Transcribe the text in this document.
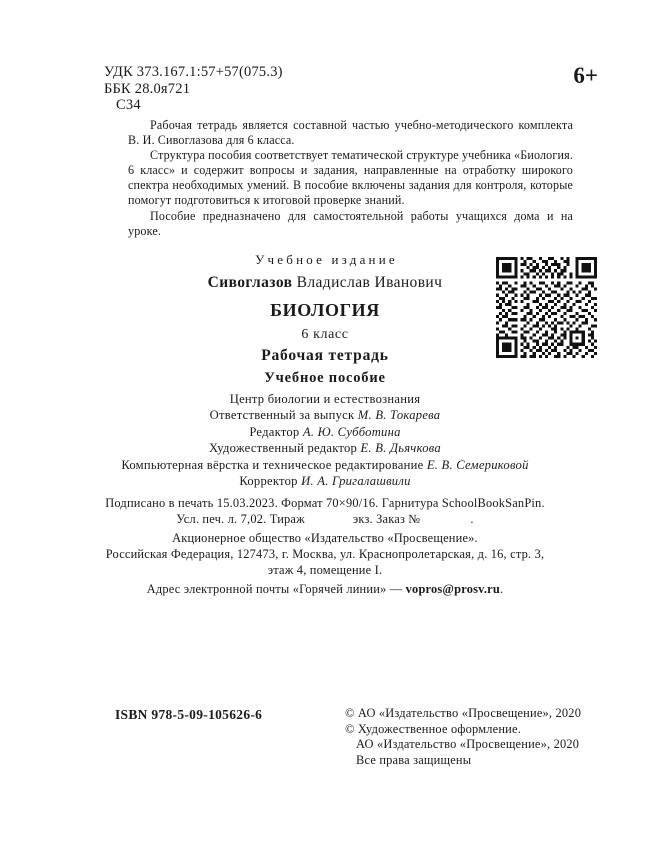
УДК 373.167.1:57+57(075.3)
ББК 28.0я721
С34
6+

Рабочая тетрадь является составной частью учебно-методического комплекта В. И. Сивоглазова для 6 класса.

Структура пособия соответствует тематической структуре учебника «Биология. 6 класс» и содержит вопросы и задания, направленные на отработку широкого спектра необходимых умений. В пособие включены задания для контроля, которые помогут подготовиться к итоговой проверке знаний.

Пособие предназначено для самостоятельной работы учащихся дома и на уроке.

Учебное издание
Сивоглазов Владислав Иванович
БИОЛОГИЯ
6 класс
Рабочая тетрадь
Учебное пособие
Центр биологии и естествознания
Ответственный за выпуск М. В. Токарева
Редактор А. Ю. Субботина
Художественный редактор Е. В. Дьячкова
Компьютерная вёрстка и техническое редактирование Е. В. Семериковой
Корректор И. А. Григалашвили
Подписано в печать 15.03.2023. Формат 70×90/16. Гарнитура SchoolBookSanPin.
Усл. печ. л. 7,02. Тираж	экз. Заказ №	.
Акционерное общество «Издательство «Просвещение».
Российская Федерация, 127473, г. Москва, ул. Краснопролетарская, д. 16, стр. 3,
этаж 4, помещение I.
Адрес электронной почты «Горячей линии» — vopros@prosv.ru.
ISBN 978-5-09-105626-6	© АО «Издательство «Просвещение», 2020
© Художественное оформление.
АО «Издательство «Просвещение», 2020
Все права защищены
